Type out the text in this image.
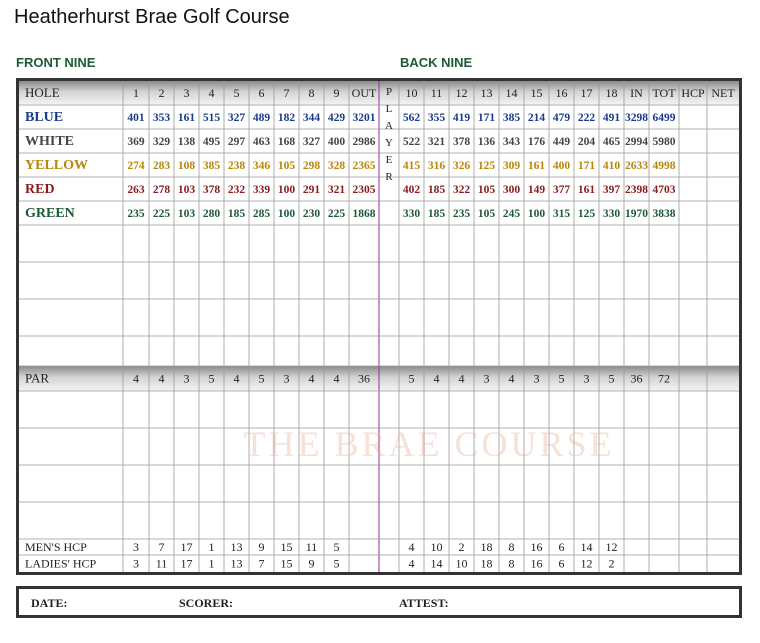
Heatherhurst Brae Golf Course
FRONT NINE	BACK NINE
HOLE	1 2 3 4 5 6 7 8 9 OUT 10 11 12 13 14 15 16 17 18 IN TOT HCP NET
P
L
A
Y
E
R
BLUE	401 353 161 515 327 489 182 344 429 3201 562 355 419 171 385 214 479 222 491 3298 6499
WHITE	369 329 138 495 297 463 168 327 400 2986 522 321 378 136 343 176 449 204 465 2994 5980
YELLOW	274 283 108 385 238 346 105 298 328 2365 415 316 326 125 309 161 400 171 410 2633 4998
RED	263 278 103 378 232 339 100 291 321 2305 402 185 322 105 300 149 377 161 397 2398 4703
GREEN	235 225 103 280 185 285 100 230 225 1868 330 185 235 105 245 100 315 125 330 1970 3838
PAR	4 4 3 5 4 5 3 4 4 36	5 4 4 3 4 3 5 3 5 36 72
MEN'S HCP	3 7 17 1 13 9 15 11 5	4 10 2 18 8 16 6 14 12
LADIES' HCP	3 11 17 1 13 7 15 9 5	4 14 10 18 8 16 6 12 2
THE BRAE COURSE
DATE:	SCORER:	ATTEST:
